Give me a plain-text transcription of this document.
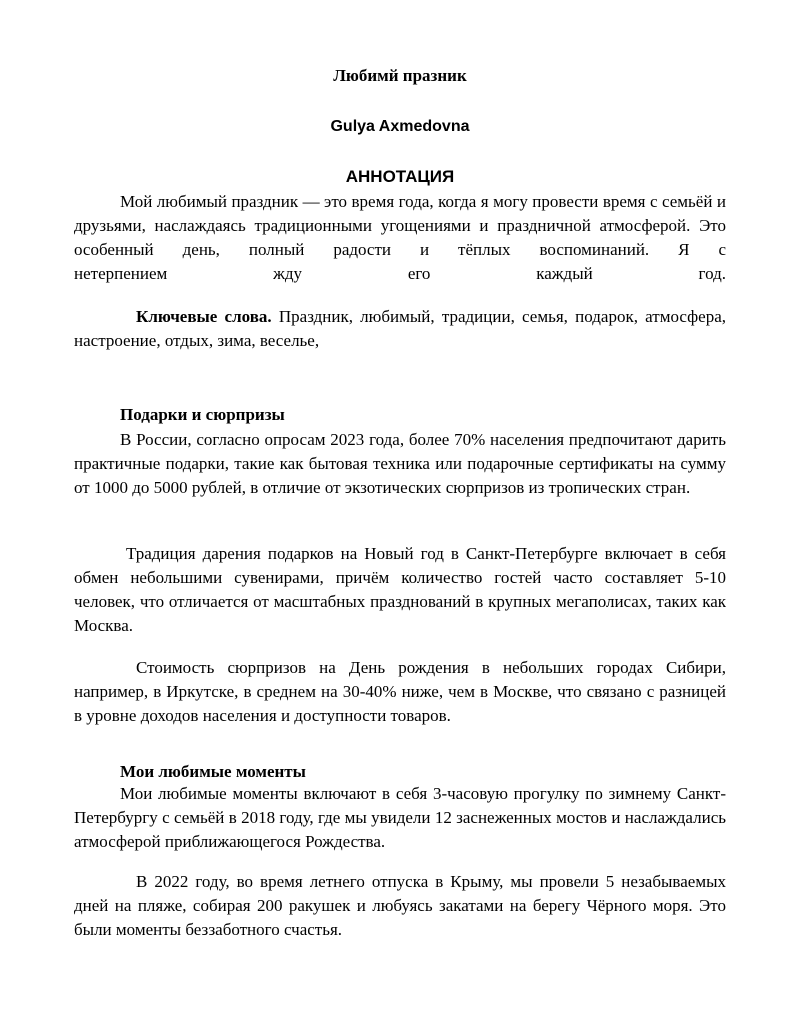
Любимй празник
Gulya Axmedovna
АННОТАЦИЯ
Мой любимый праздник — это время года, когда я могу провести время с семьёй и друзьями, наслаждаясь традиционными угощениями и праздничной атмосферой. Это особенный день, полный радости и тёплых воспоминаний. Я с
нетерпением жду его каждый год.
Ключевые слова. Праздник, любимый, традиции, семья, подарок, атмосфера, настроение, отдых, зима, веселье,
Подарки и сюрпризы
В России, согласно опросам 2023 года, более 70% населения предпочитают дарить практичные подарки, такие как бытовая техника или подарочные сертификаты на сумму от 1000 до 5000 рублей, в отличие от экзотических сюрпризов из тропических стран.
Традиция дарения подарков на Новый год в Санкт-Петербурге включает в себя обмен небольшими сувенирами, причём количество гостей часто составляет 5-10 человек, что отличается от масштабных празднований в крупных мегаполисах, таких как Москва.
Стоимость сюрпризов на День рождения в небольших городах Сибири, например, в Иркутске, в среднем на 30-40% ниже, чем в Москве, что связано с разницей в уровне доходов населения и доступности товаров.
Мои любимые моменты
Мои любимые моменты включают в себя 3-часовую прогулку по зимнему Санкт-Петербургу с семьёй в 2018 году, где мы увидели 12 заснеженных мостов и наслаждались атмосферой приближающегося Рождества.
В 2022 году, во время летнего отпуска в Крыму, мы провели 5 незабываемых дней на пляже, собирая 200 ракушек и любуясь закатами на берегу Чёрного моря. Это были моменты беззаботного счастья.
